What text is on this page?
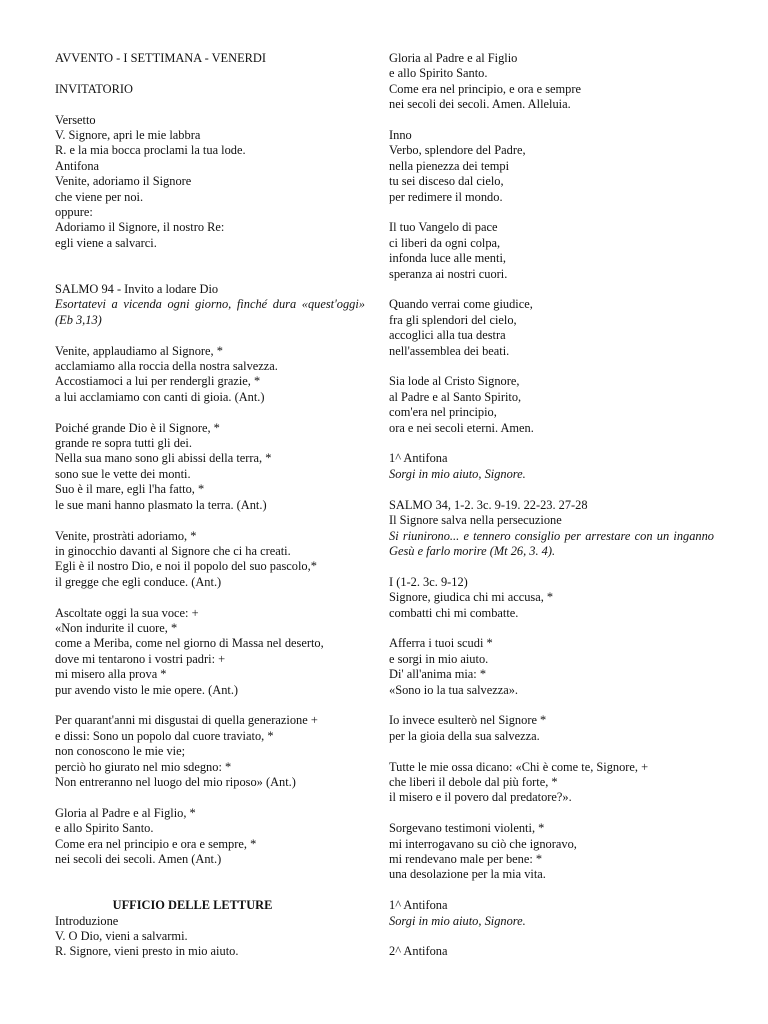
AVVENTO - I SETTIMANA - VENERDI
INVITATORIO
Versetto
V. Signore, apri le mie labbra
R. e la mia bocca proclami la tua lode.
Antifona
Venite, adoriamo il Signore
che viene per noi.
oppure:
Adoriamo il Signore, il nostro Re:
egli viene a salvarci.
SALMO 94 - Invito a lodare Dio
Esortatevi a vicenda ogni giorno, finché dura «quest'oggi» (Eb 3,13)
Venite, applaudiamo al Signore, *
acclamiamo alla roccia della nostra salvezza.
Accostiamoci a lui per rendergli grazie, *
a lui acclamiamo con canti di gioia. (Ant.)
Poiché grande Dio è il Signore, *
grande re sopra tutti gli dei.
Nella sua mano sono gli abissi della terra, *
sono sue le vette dei monti.
Suo è il mare, egli l'ha fatto, *
le sue mani hanno plasmato la terra. (Ant.)
Venite, prostràti adoriamo, *
in ginocchio davanti al Signore che ci ha creati.
Egli è il nostro Dio, e noi il popolo del suo pascolo,*
il gregge che egli conduce. (Ant.)
Ascoltate oggi la sua voce: +
«Non indurite il cuore, *
come a Meriba, come nel giorno di Massa nel deserto,
dove mi tentarono i vostri padri: +
mi misero alla prova *
pur avendo visto le mie opere. (Ant.)
Per quarant'anni mi disgustai di quella generazione +
e dissi: Sono un popolo dal cuore traviato, *
non conoscono le mie vie;
perciò ho giurato nel mio sdegno: *
Non entreranno nel luogo del mio riposo» (Ant.)
Gloria al Padre e al Figlio, *
e allo Spirito Santo.
Come era nel principio e ora e sempre, *
nei secoli dei secoli. Amen (Ant.)
UFFICIO DELLE LETTURE
Introduzione
V. O Dio, vieni a salvarmi.
R. Signore, vieni presto in mio aiuto.
Gloria al Padre e al Figlio
e allo Spirito Santo.
Come era nel principio, e ora e sempre
nei secoli dei secoli. Amen. Alleluia.
Inno
Verbo, splendore del Padre,
nella pienezza dei tempi
tu sei disceso dal cielo,
per redimere il mondo.
Il tuo Vangelo di pace
ci liberi da ogni colpa,
infonda luce alle menti,
speranza ai nostri cuori.
Quando verrai come giudice,
fra gli splendori del cielo,
accoglici alla tua destra
nell'assemblea dei beati.
Sia lode al Cristo Signore,
al Padre e al Santo Spirito,
com'era nel principio,
ora e nei secoli eterni. Amen.
1^ Antifona
Sorgi in mio aiuto, Signore.
SALMO 34, 1-2. 3c. 9-19. 22-23. 27-28
Il Signore salva nella persecuzione
Si riunirono... e tennero consiglio per arrestare con un inganno Gesù e farlo morire (Mt 26, 3. 4).
I (1-2. 3c. 9-12)
Signore, giudica chi mi accusa, *
combatti chi mi combatte.
Afferra i tuoi scudi *
e sorgi in mio aiuto.
Di' all'anima mia: *
«Sono io la tua salvezza».
Io invece esulterò nel Signore *
per la gioia della sua salvezza.
Tutte le mie ossa dicano: «Chi è come te, Signore, +
che liberi il debole dal più forte, *
il misero e il povero dal predatore?».
Sorgevano testimoni violenti, *
mi interrogavano su ciò che ignoravo,
mi rendevano male per bene: *
una desolazione per la mia vita.
1^ Antifona
Sorgi in mio aiuto, Signore.
2^ Antifona
